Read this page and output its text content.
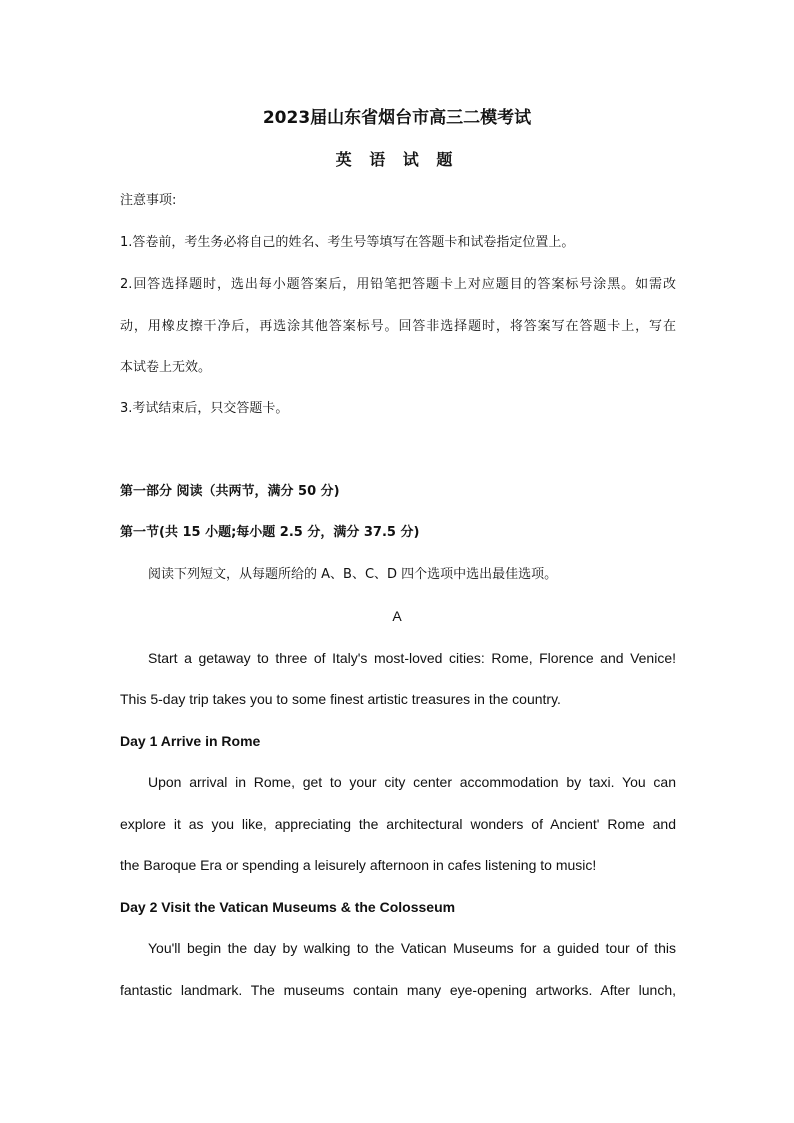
2023届山东省烟台市高三二模考试
英 语 试 题
注意事项:
1.答卷前，考生务必将自己的姓名、考生号等填写在答题卡和试卷指定位置上。
2.回答选择题时，选出每小题答案后，用铅笔把答题卡上对应题目的答案标号涂黑。如需改
动，用橡皮擦干净后，再选涂其他答案标号。回答非选择题时，将答案写在答题卡上，写在
本试卷上无效。
3.考试结束后，只交答题卡。
第一部分 阅读（共两节，满分 50 分)
第一节(共 15 小题;每小题 2.5 分，满分 37.5 分)
阅读下列短文，从每题所给的 A、B、C、D 四个选项中选出最佳选项。
A
Start a getaway to three of Italy's most-loved cities: Rome, Florence and Venice!
This 5-day trip takes you to some finest artistic treasures in the country.
Day 1 Arrive in Rome
Upon arrival in Rome, get to your city center accommodation by taxi. You can
explore it as you like, appreciating the architectural wonders of Ancient' Rome and
the Baroque Era or spending a leisurely afternoon in cafes listening to music!
Day 2 Visit the Vatican Museums & the Colosseum
You'll begin the day by walking to the Vatican Museums for a guided tour of this
fantastic landmark. The museums contain many eye-opening artworks. After lunch,
